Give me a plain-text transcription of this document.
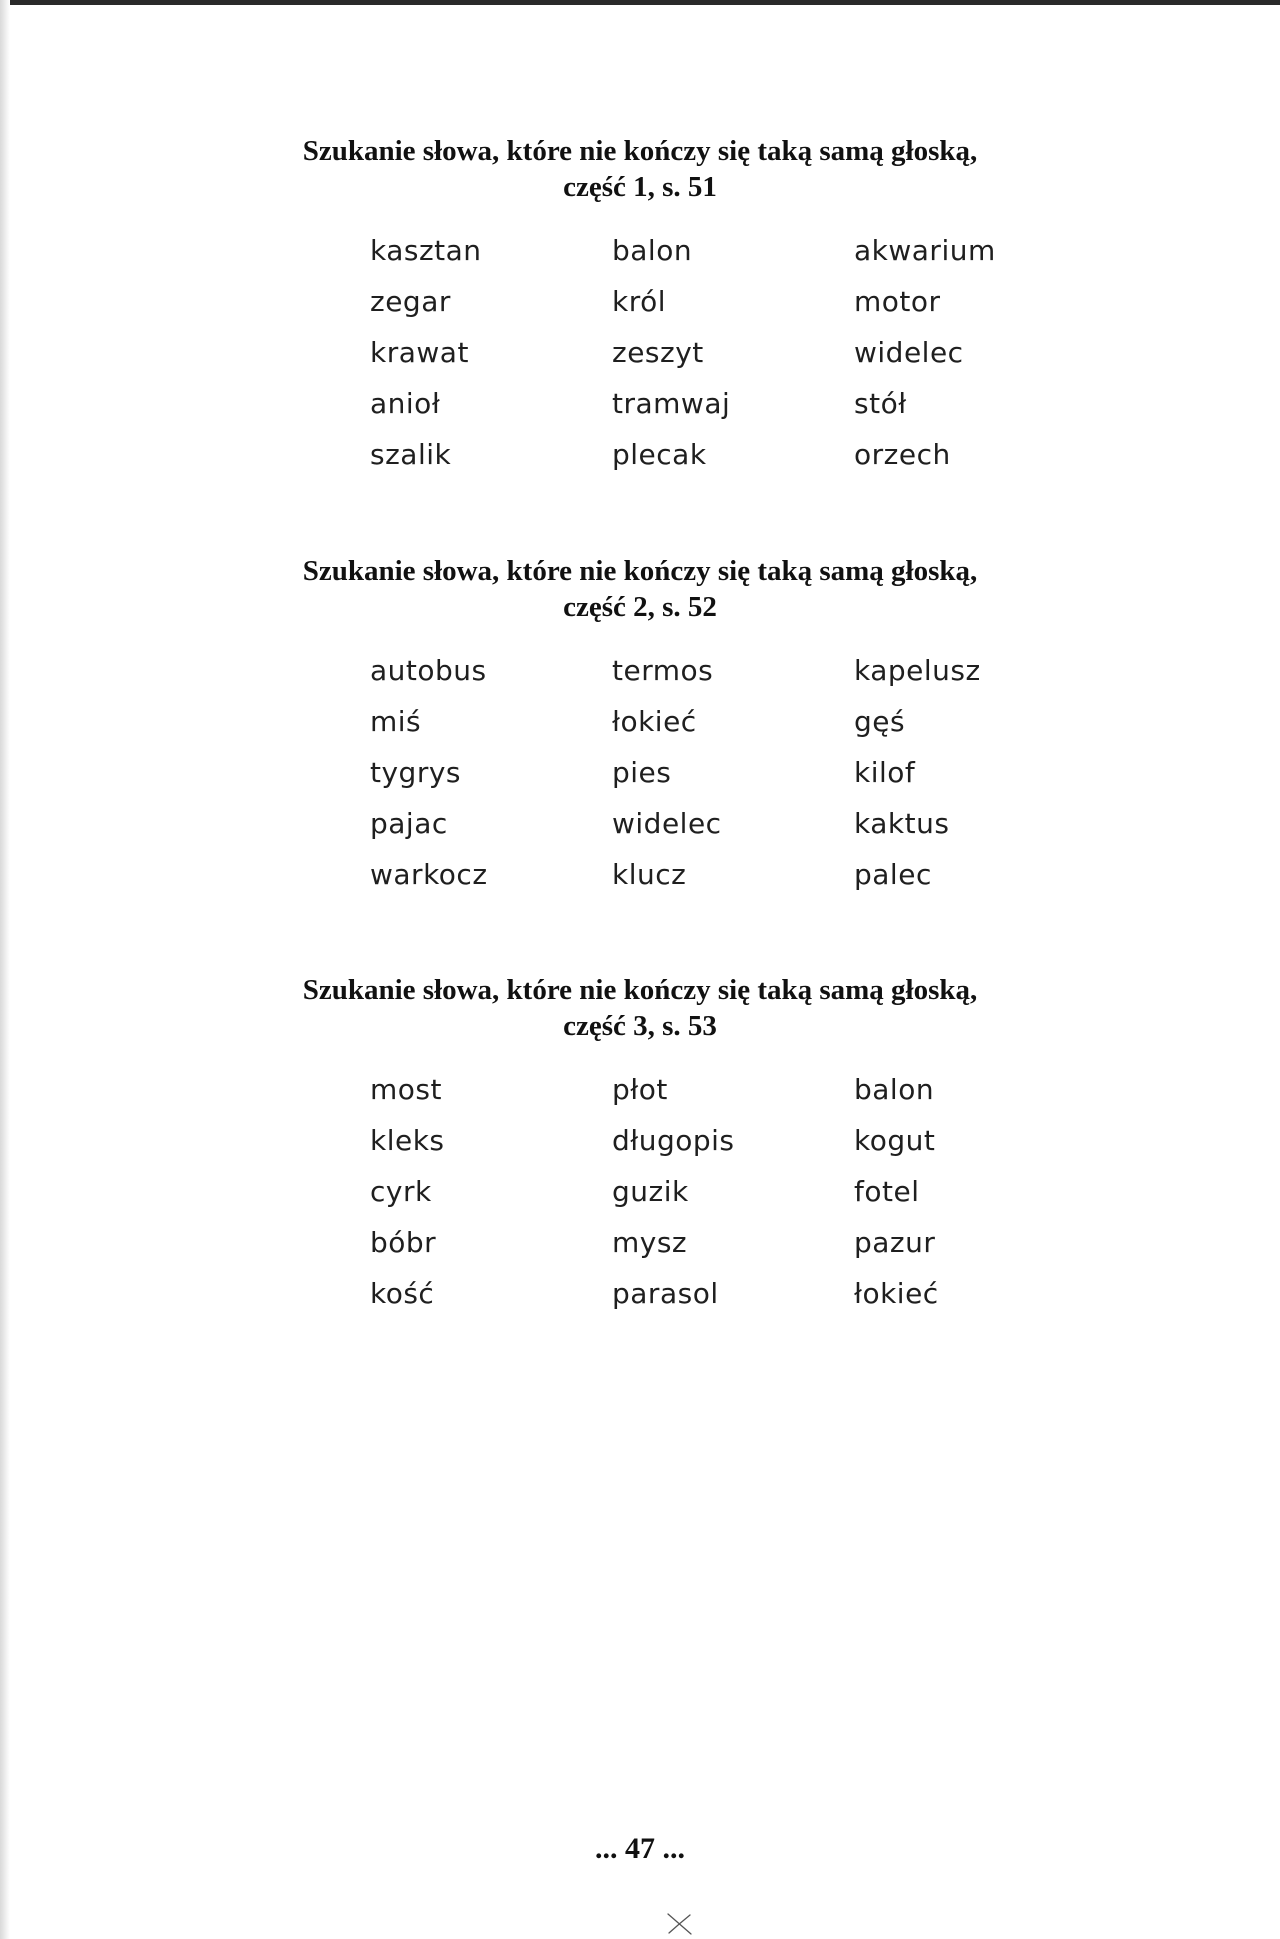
Szukanie słowa, które nie kończy się taką samą głoską,
część 1, s. 51
kasztan
zegar
krawat
anioł
szalik
balon
król
zeszyt
tramwaj
plecak
akwarium
motor
widelec
stół
orzech
Szukanie słowa, które nie kończy się taką samą głoską,
część 2, s. 52
autobus
miś
tygrys
pajac
warkocz
termos
łokieć
pies
widelec
klucz
kapelusz
gęś
kilof
kaktus
palec
Szukanie słowa, które nie kończy się taką samą głoską,
część 3, s. 53
most
kleks
cyrk
bóbr
kość
płot
długopis
guzik
mysz
parasol
balon
kogut
fotel
pazur
łokieć
... 47 ...
